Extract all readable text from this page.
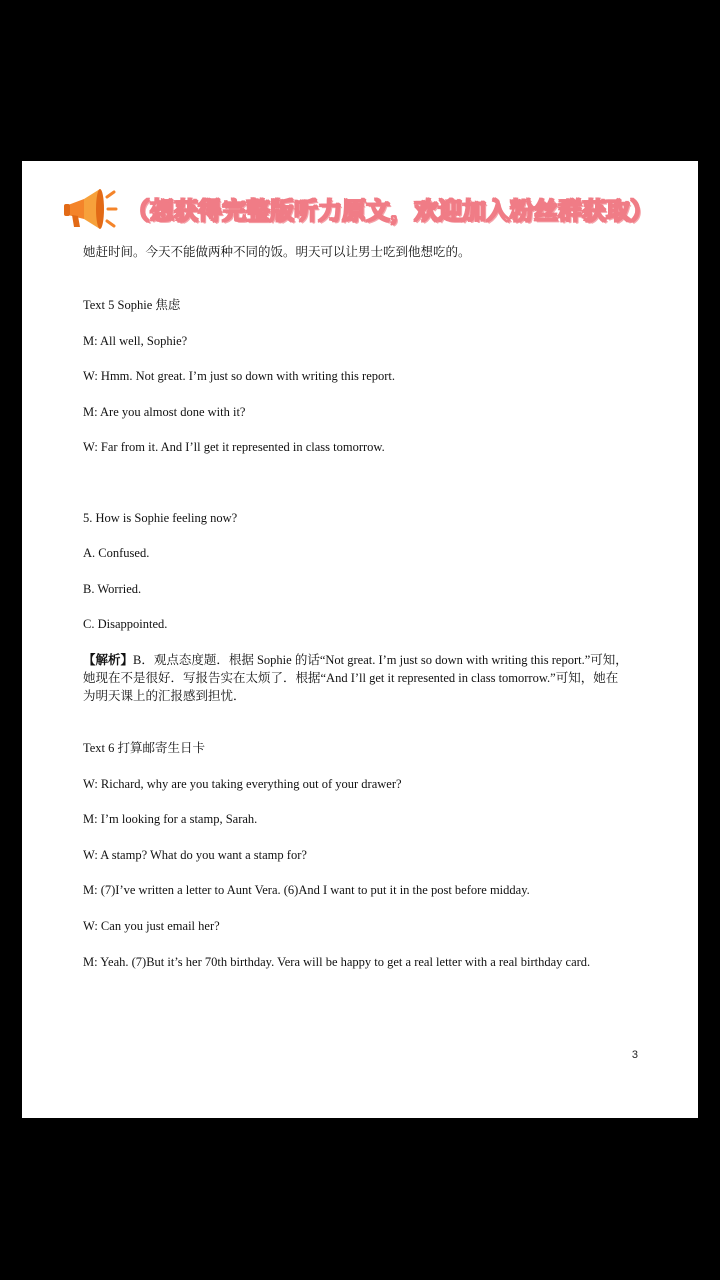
（想获得完整版听力原文，欢迎加入粉丝群获取）
她赶时间。今天不能做两种不同的饭。明天可以让男士吃到他想吃的。
Text 5 Sophie 焦虑
M: All well, Sophie?
W: Hmm. Not great. I’m just so down with writing this report.
M: Are you almost done with it?
W: Far from it. And I’ll get it represented in class tomorrow.
5. How is Sophie feeling now?
A. Confused.
B. Worried.
C. Disappointed.
【解析】B．观点态度题．根据 Sophie 的话“Not great. I’m just so down with writing this report.”可知，
她现在不是很好．写报告实在太烦了．根据“And I’ll get it represented in class tomorrow.”可知，她在
为明天课上的汇报感到担忧．
Text 6 打算邮寄生日卡
W: Richard, why are you taking everything out of your drawer?
M: I’m looking for a stamp, Sarah.
W: A stamp? What do you want a stamp for?
M: (7)I’ve written a letter to Aunt Vera. (6)And I want to put it in the post before midday.
W: Can you just email her?
M: Yeah. (7)But it’s her 70th birthday. Vera will be happy to get a real letter with a real birthday card.
3
